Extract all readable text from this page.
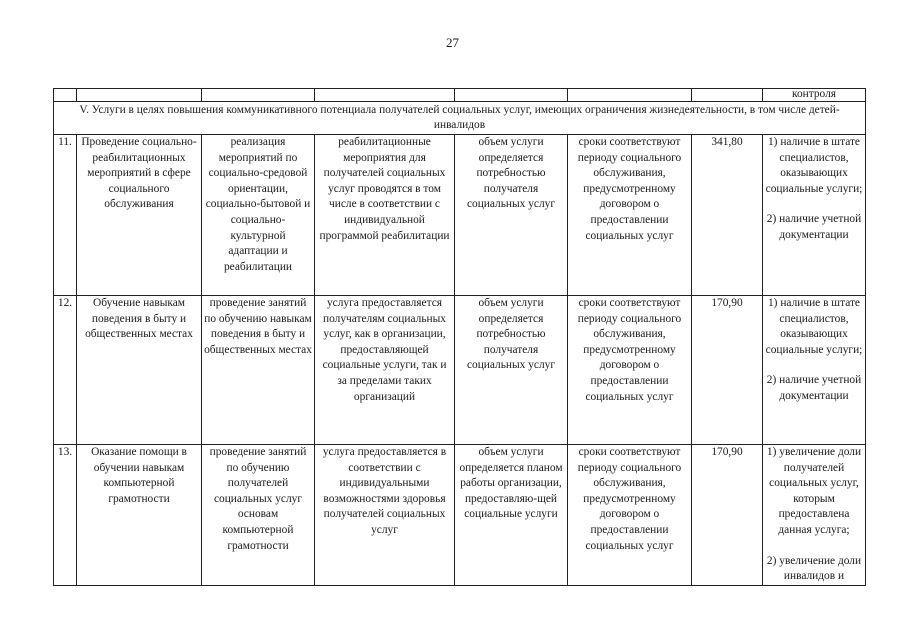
27
								контроля
V. Услуги в целях повышения коммуникативного потенциала получателей социальных услуг, имеющих ограничения жизнедеятельности, в том числе детей-инвалидов							
11.	Проведение социально-реабилитационных мероприятий в сфере социального обслуживания	реализация мероприятий по социально-средовой ориентации, социально-бытовой и социально-культурной адаптации и реабилитации	реабилитационные мероприятия для получателей социальных услуг проводятся в том числе в соответствии с индивидуальной программой реабилитации	объем услуги определяется потребностью получателя социальных услуг	сроки соответствуют периоду социального обслуживания, предусмотренному договором о предоставлении социальных услуг	341,80		1) наличие в штате специалистов, оказывающих социальные услуги;
2) наличие учетной документации

12.	Обучение навыкам поведения в быту и общественных местах	проведение занятий по обучению навыкам поведения в быту и общественных местах	услуга предоставляется получателям социальных услуг, как в организации, предоставляющей социальные услуги, так и за пределами таких организаций	объем услуги определяется потребностью получателя социальных услуг	сроки соответствуют периоду социального обслуживания, предусмотренному договором о предоставлении социальных услуг	170,90		1) наличие в штате специалистов, оказывающих социальные услуги;
2) наличие учетной документации

13.	Оказание помощи в обучении навыкам компьютерной грамотности	проведение занятий по обучению получателей социальных услуг основам компьютерной грамотности	услуга предоставляется в соответствии с индивидуальными возможностями здоровья получателей социальных услуг	объем услуги определяется планом работы организации, предоставляю-щей социальные услуги	сроки соответствуют периоду социального обслуживания, предусмотренному договором о предоставлении социальных услуг	170,90		1) увеличение доли получателей социальных услуг, которым предоставлена данная услуга;
2) увеличение доли инвалидов и
